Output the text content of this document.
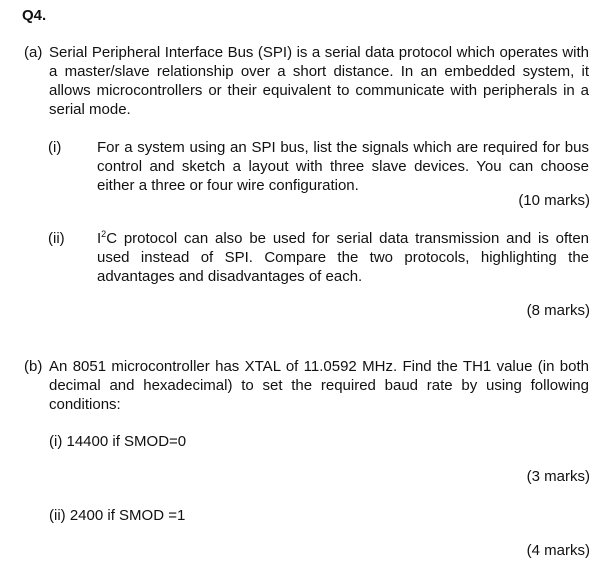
Q4.
(a) Serial Peripheral Interface Bus (SPI) is a serial data protocol which operates with a master/slave relationship over a short distance. In an embedded system, it allows microcontrollers or their equivalent to communicate with peripherals in a serial mode.
(i) For a system using an SPI bus, list the signals which are required for bus control and sketch a layout with three slave devices. You can choose either a three or four wire configuration.
(10 marks)
(ii) $I^2C$ protocol can also be used for serial data transmission and is often used instead of SPI. Compare the two protocols, highlighting the advantages and disadvantages of each.
(8 marks)
(b) An 8051 microcontroller has XTAL of 11.0592 MHz. Find the TH1 value (in both decimal and hexadecimal) to set the required baud rate by using following conditions:
(i) 14400 if SMOD=0
(3 marks)
(ii) 2400 if SMOD =1
(4 marks)
